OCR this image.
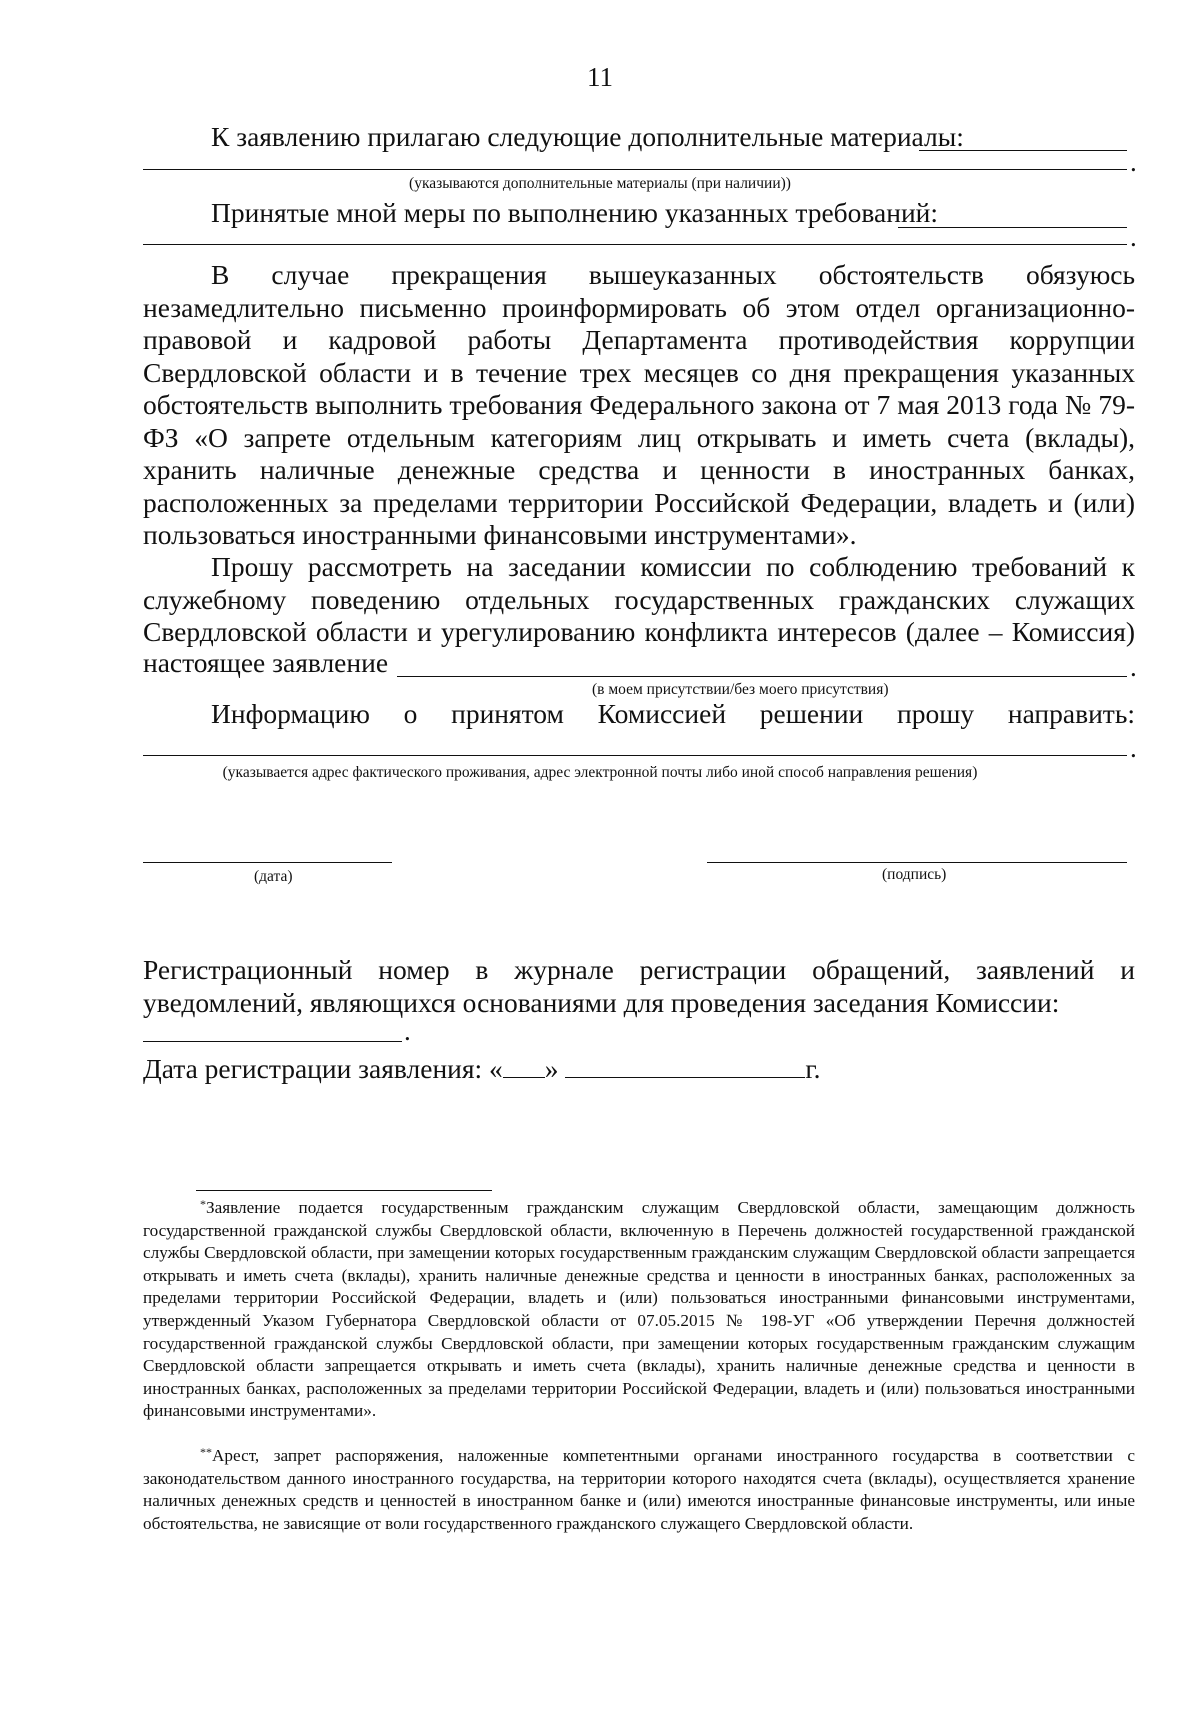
11
К заявлению прилагаю следующие дополнительные материалы:
.
(указываются дополнительные материалы (при наличии))
Принятые мной меры по выполнению указанных требований:
.

В случае прекращения вышеуказанных обстоятельств обязуюсь незамедлительно письменно проинформировать об этом отдел организационно-правовой и кадровой работы Департамента противодействия коррупции Свердловской области и в течение трех месяцев со дня прекращения указанных обстоятельств выполнить требования Федерального закона от 7 мая 2013 года № 79-ФЗ «О запрете отдельным категориям лиц открывать и иметь счета (вклады), хранить наличные денежные средства и ценности в иностранных банках, расположенных за пределами территории Российской Федерации, владеть и (или) пользоваться иностранными финансовыми инструментами».

Прошу рассмотреть на заседании комиссии по соблюдению требований к служебному поведению отдельных государственных гражданских служащих Свердловской области и урегулированию конфликта интересов (далее – Комиссия)

настоящее заявление	.
(в моем присутствии/без моего присутствия)

Информацию о принятом Комиссией решении прошу направить:

.
(указывается адрес фактического проживания, адрес электронной почты либо иной способ направления решения)
(дата)	(подпись)

Регистрационный номер в журнале регистрации обращений, заявлений и уведомлений, являющихся основаниями для проведения заседания Комиссии:

.
Дата регистрации заявления: « »	г.

*Заявление подается государственным гражданским служащим Свердловской области, замещающим должность государственной гражданской службы Свердловской области, включенную в Перечень должностей государственной гражданской службы Свердловской области, при замещении которых государственным гражданским служащим Свердловской области запрещается открывать и иметь счета (вклады), хранить наличные денежные средства и ценности в иностранных банках, расположенных за пределами территории Российской Федерации, владеть и (или) пользоваться иностранными финансовыми инструментами, утвержденный Указом Губернатора Свердловской области от 07.05.2015 № 198-УГ «Об утверждении Перечня должностей государственной гражданской службы Свердловской области, при замещении которых государственным гражданским служащим Свердловской области запрещается открывать и иметь счета (вклады), хранить наличные денежные средства и ценности в иностранных банках, расположенных за пределами территории Российской Федерации, владеть и (или) пользоваться иностранными финансовыми инструментами».

**Арест, запрет распоряжения, наложенные компетентными органами иностранного государства в соответствии с законодательством данного иностранного государства, на территории которого находятся счета (вклады), осуществляется хранение наличных денежных средств и ценностей в иностранном банке и (или) имеются иностранные финансовые инструменты, или иные обстоятельства, не зависящие от воли государственного гражданского служащего Свердловской области.
